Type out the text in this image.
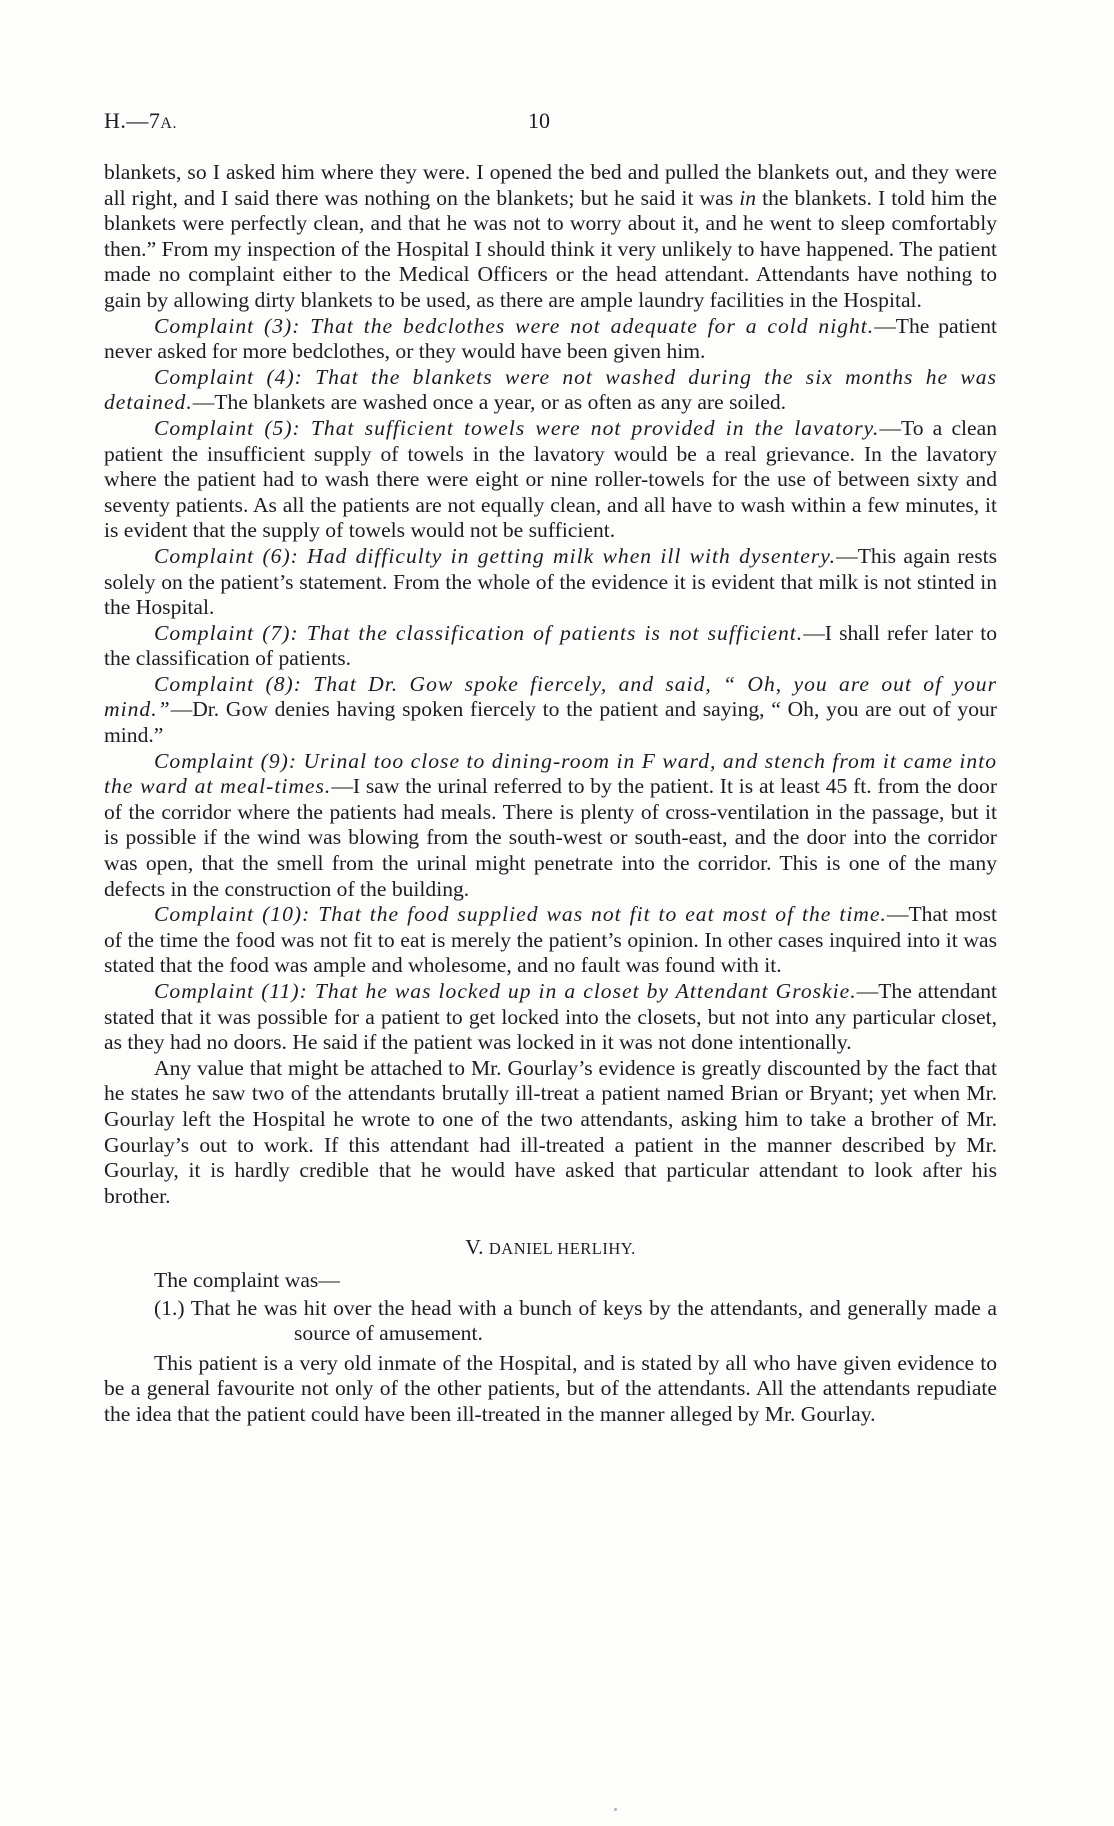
H.—7A.	10

blankets, so I asked him where they were. I opened the bed and pulled the blankets out, and they were all right, and I said there was nothing on the blankets; but he said it was in the blankets. I told him the blankets were perfectly clean, and that he was not to worry about it, and he went to sleep comfortably then.” From my inspection of the Hospital I should think it very unlikely to have happened. The patient made no complaint either to the Medical Officers or the head attendant. Attendants have nothing to gain by allowing dirty blankets to be used, as there are ample laundry facilities in the Hospital.

Complaint (3): That the bedclothes were not adequate for a cold night.—The patient never asked for more bedclothes, or they would have been given him.

Complaint (4): That the blankets were not washed during the six months he was detained.—The blankets are washed once a year, or as often as any are soiled.

Complaint (5): That sufficient towels were not provided in the lavatory.—To a clean patient the insufficient supply of towels in the lavatory would be a real grievance. In the lavatory where the patient had to wash there were eight or nine roller-towels for the use of between sixty and seventy patients. As all the patients are not equally clean, and all have to wash within a few minutes, it is evident that the supply of towels would not be sufficient.

Complaint (6): Had difficulty in getting milk when ill with dysentery.—This again rests solely on the patient’s statement. From the whole of the evidence it is evident that milk is not stinted in the Hospital.

Complaint (7): That the classification of patients is not sufficient.—I shall refer later to the classification of patients.

Complaint (8): That Dr. Gow spoke fiercely, and said, “ Oh, you are out of your mind.”—Dr. Gow denies having spoken fiercely to the patient and saying, “ Oh, you are out of your mind.”

Complaint (9): Urinal too close to dining-room in F ward, and stench from it came into the ward at meal-times.—I saw the urinal referred to by the patient. It is at least 45 ft. from the door of the corridor where the patients had meals. There is plenty of cross-ventilation in the passage, but it is possible if the wind was blowing from the south-west or south-east, and the door into the corridor was open, that the smell from the urinal might penetrate into the corridor. This is one of the many defects in the construction of the building.

Complaint (10): That the food supplied was not fit to eat most of the time.—That most of the time the food was not fit to eat is merely the patient’s opinion. In other cases inquired into it was stated that the food was ample and wholesome, and no fault was found with it.

Complaint (11): That he was locked up in a closet by Attendant Groskie.—The attendant stated that it was possible for a patient to get locked into the closets, but not into any particular closet, as they had no doors. He said if the patient was locked in it was not done intentionally.

Any value that might be attached to Mr. Gourlay’s evidence is greatly discounted by the fact that he states he saw two of the attendants brutally ill-treat a patient named Brian or Bryant; yet when Mr. Gourlay left the Hospital he wrote to one of the two attendants, asking him to take a brother of Mr. Gourlay’s out to work. If this attendant had ill-treated a patient in the manner described by Mr. Gourlay, it is hardly credible that he would have asked that particular attendant to look after his brother.

V. DANIEL HERLIHY.

The complaint was—

(1.) That he was hit over the head with a bunch of keys by the attendants, and generally made a source of amusement.

This patient is a very old inmate of the Hospital, and is stated by all who have given evidence to be a general favourite not only of the other patients, but of the attendants. All the attendants repudiate the idea that the patient could have been ill-treated in the manner alleged by Mr. Gourlay.
